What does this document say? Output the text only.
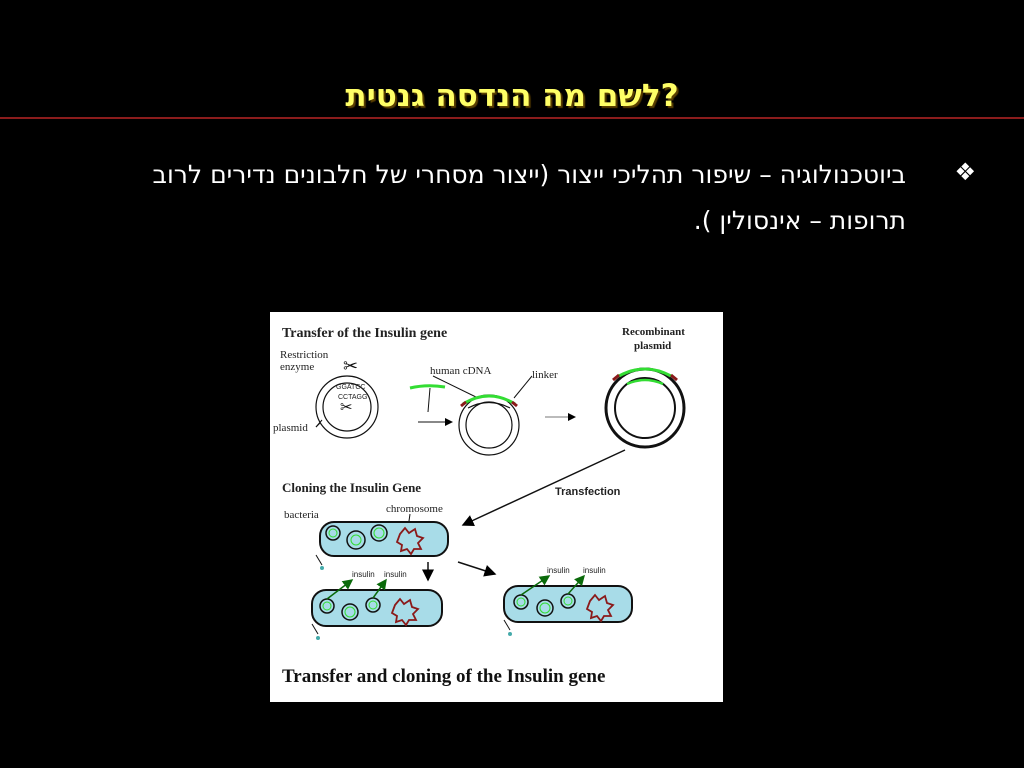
?לשם מה הנדסה גנטית
❖
ביוטכנולוגיה – שיפור תהליכי ייצור (ייצור מסחרי של חלבונים נדירים לרוב תרופות – אינסולין ).
Transfer of the Insulin gene
Restriction
enzyme ✂
✂
GGATCC
CCTAGG
plasmid
human cDNA	linker
Recombinant
plasmid
Transfection
Cloning the Insulin Gene
bacteria	chromosome
insulin insulin	insulin insulin
Transfer and cloning of the Insulin gene
